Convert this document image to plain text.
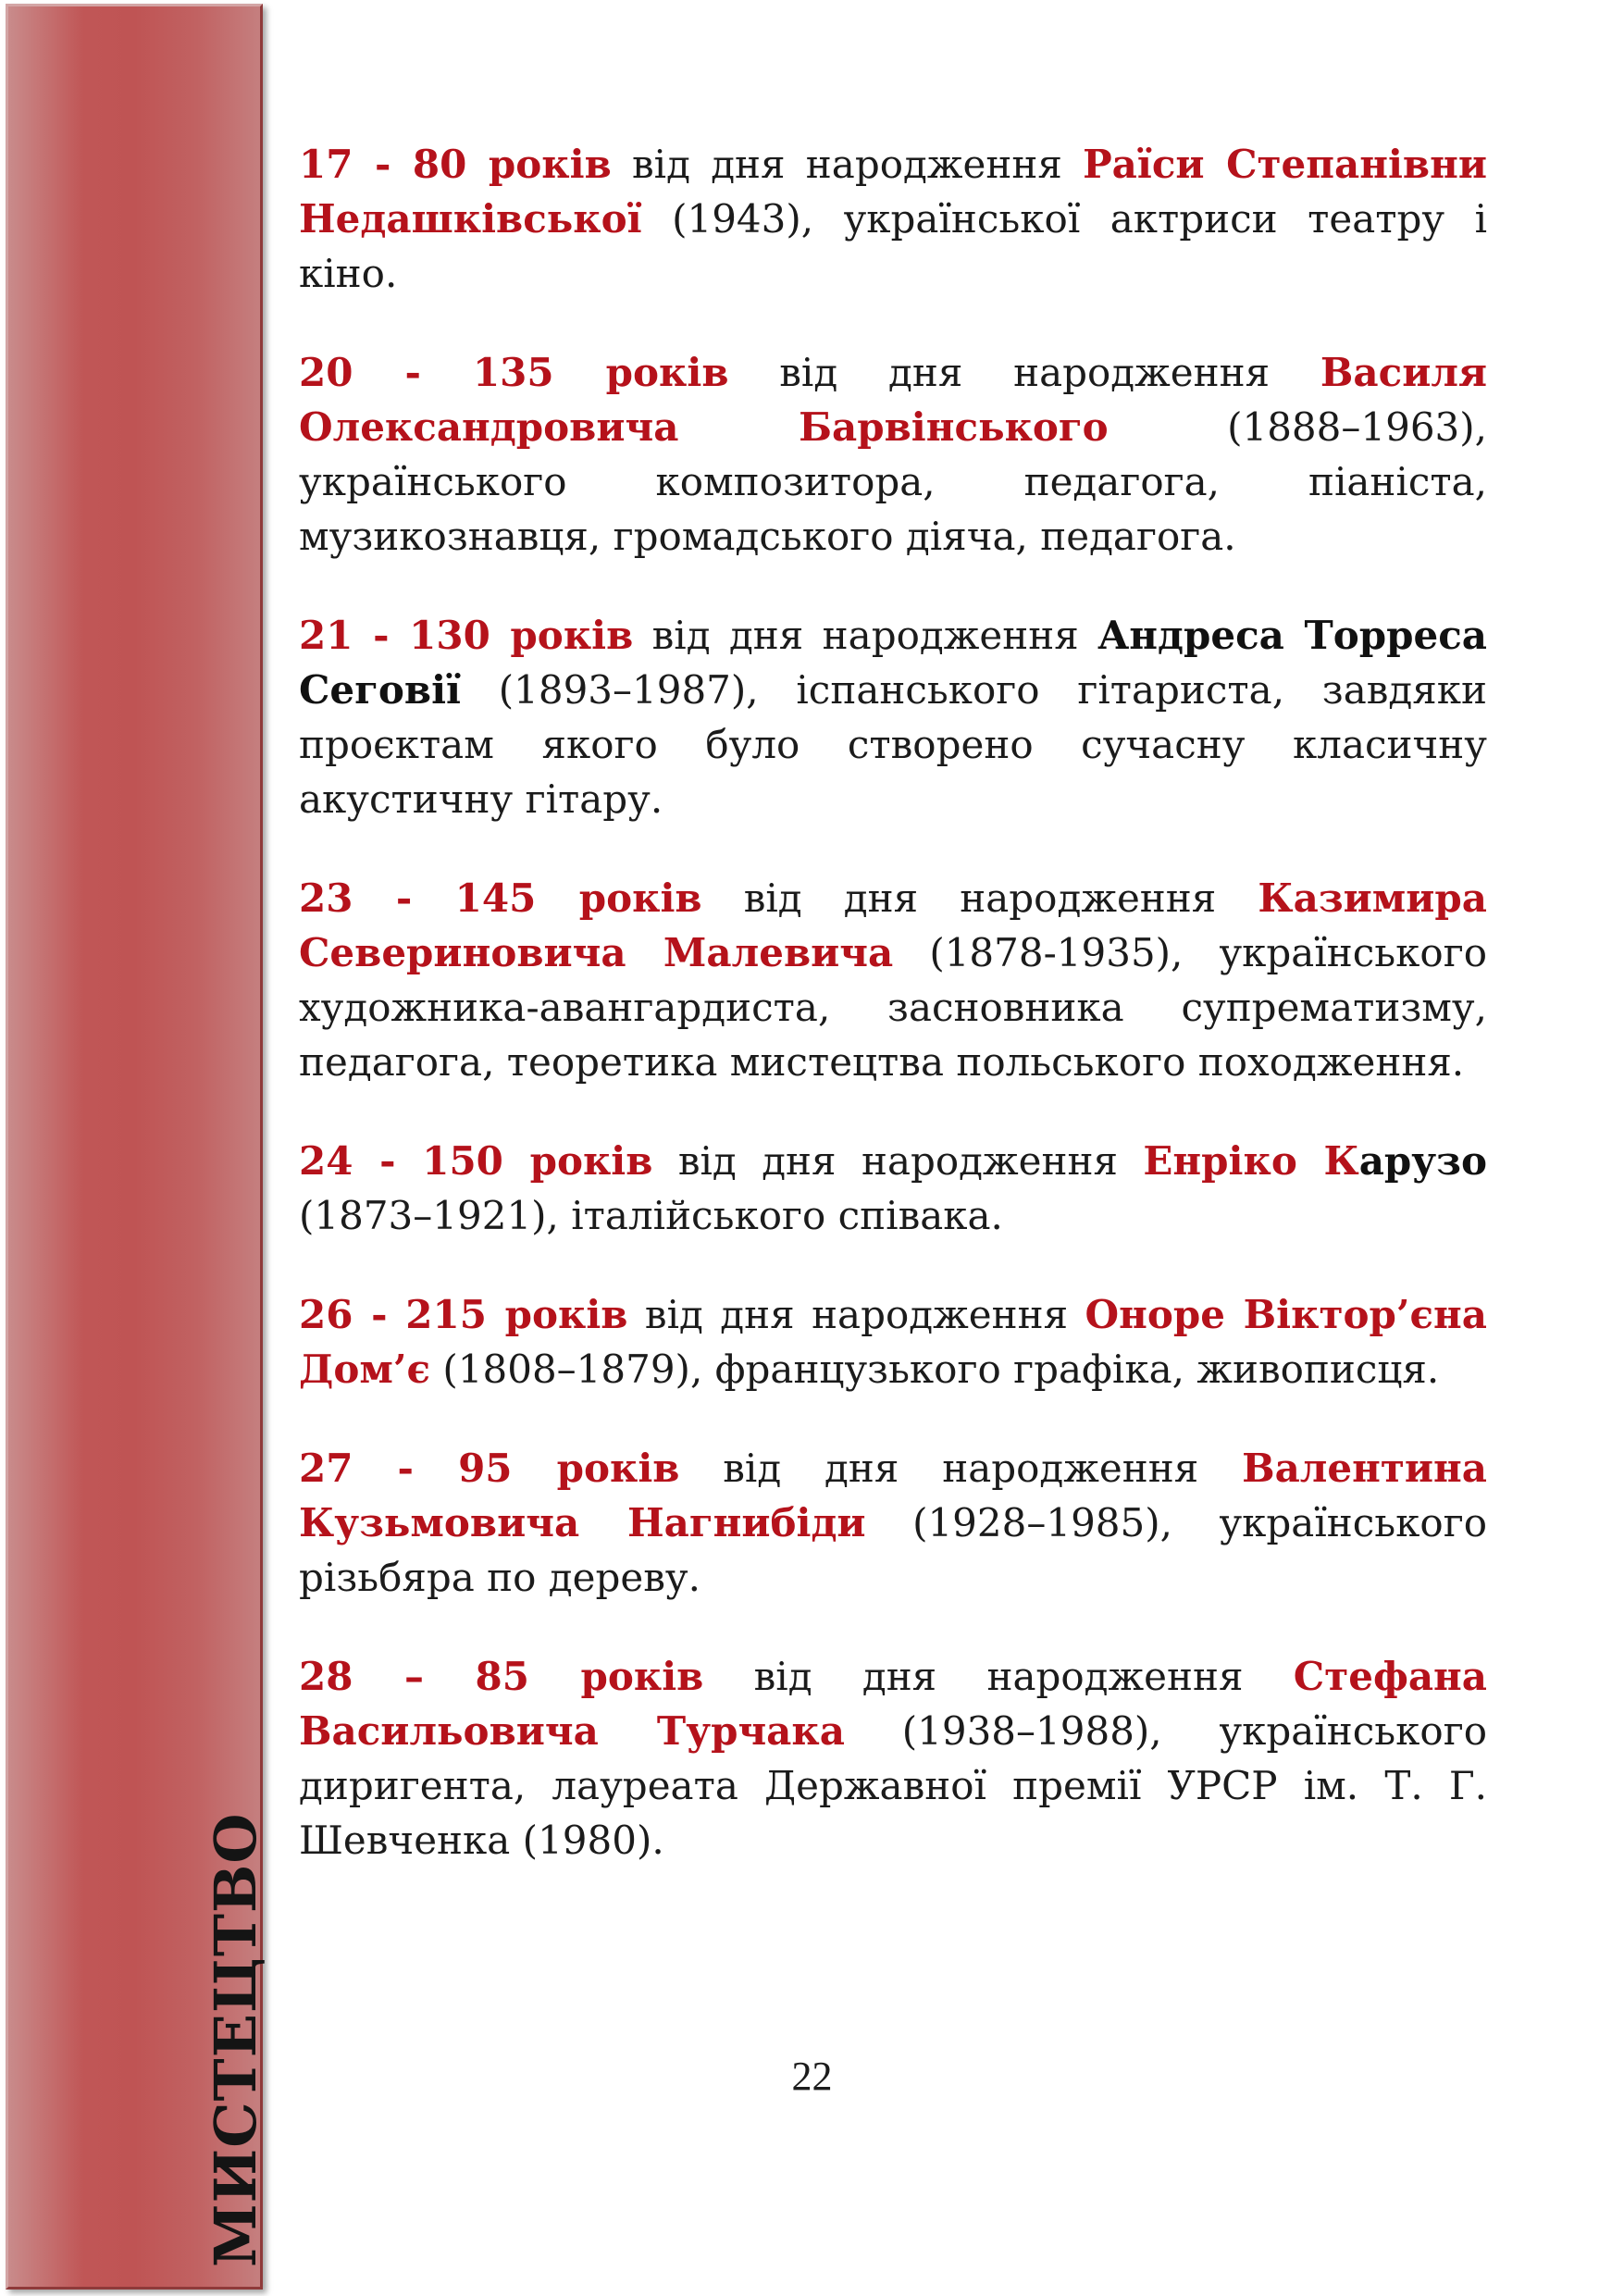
МИСТЕЦТВО

17 - 80 років від дня народження Раїси Степанівни Недашківської (1943), української актриси театру і кіно.

20 - 135 років від дня народження Василя Олександровича Барвінського (1888–1963), українського композитора, педагога, піаніста, музикознавця, громадського діяча, педагога.

21 - 130 років від дня народження Андреса Торреса Сеговії (1893–1987), іспанського гітариста, завдяки проєктам якого було створено сучасну класичну акустичну гітару.

23 - 145 років від дня народження Казимира Севериновича Малевича (1878-1935), українського художника-авангардиста, засновника супрематизму, педагога, теоретика мистецтва польського походження.

24 - 150 років від дня народження Енріко Карузо (1873–1921), італійського співака.

26 - 215 років від дня народження Оноре Віктор’єна Дом’є (1808–1879), французького графіка, живописця.

27 - 95 років від дня народження Валентина Кузьмовича Нагнибіди (1928–1985), українського різьбяра по дереву.

28 – 85 років від дня народження Стефана Васильовича Турчака (1938–1988), українського диригента, лауреата Державної премії УРСР ім. Т. Г. Шевченка (1980).

22
